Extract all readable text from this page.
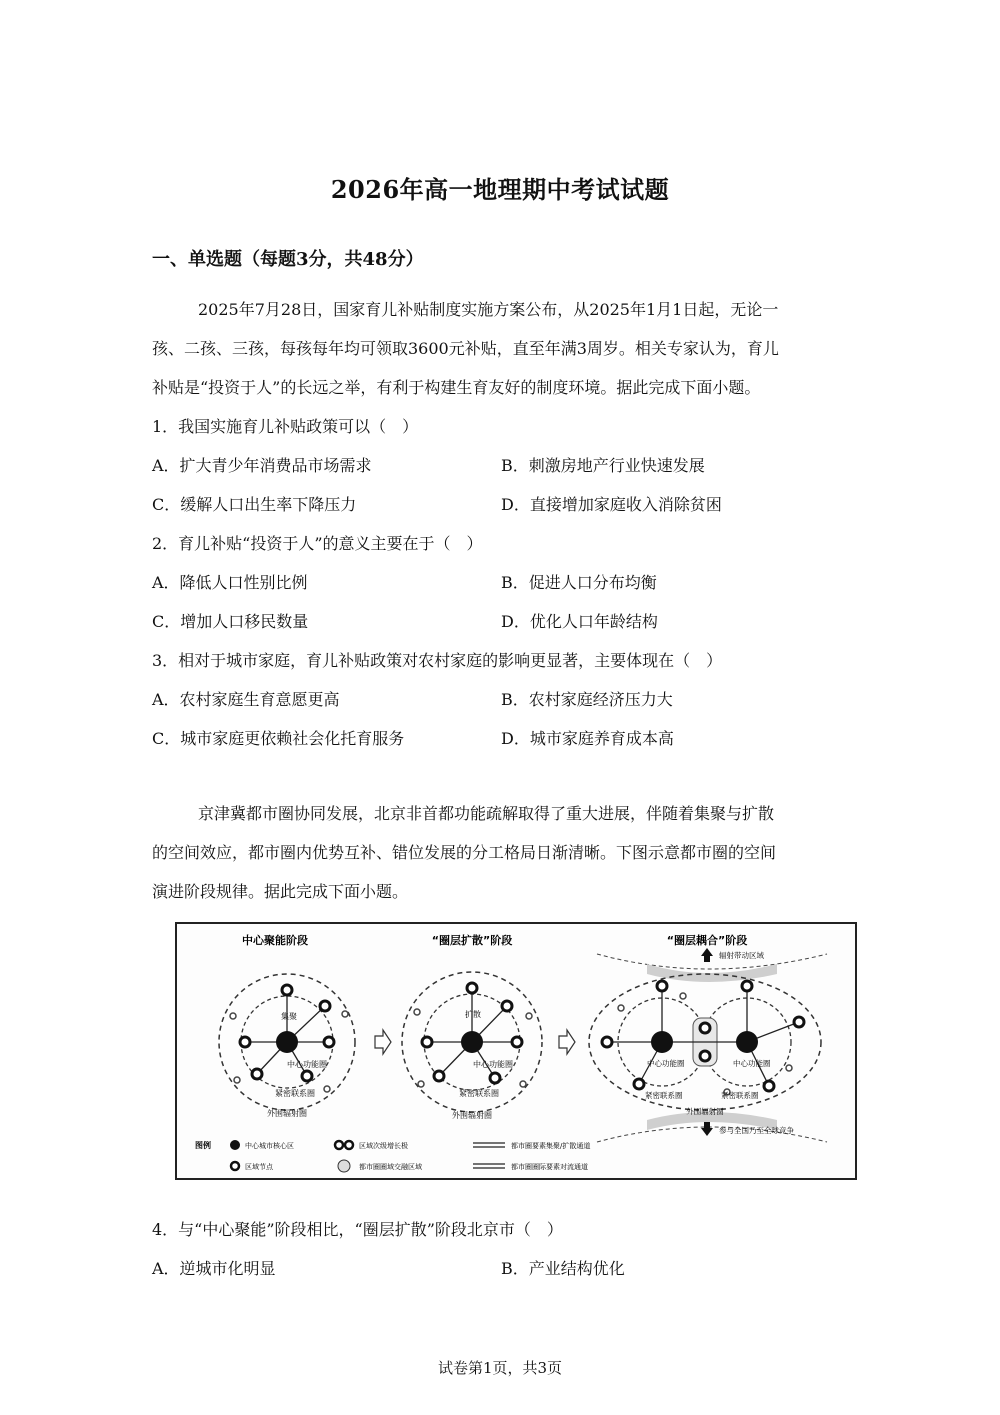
2026年高一地理期中考试试题
一、单选题（每题3分，共48分）
2025年7月28日，国家育儿补贴制度实施方案公布，从2025年1月1日起，无论一
孩、二孩、三孩，每孩每年均可领取3600元补贴，直至年满3周岁。相关专家认为，育儿
补贴是“投资于人”的长远之举，有利于构建生育友好的制度环境。据此完成下面小题。
1．我国实施育儿补贴政策可以（　）
A．扩大青少年消费品市场需求	B．刺激房地产行业快速发展
C．缓解人口出生率下降压力	D．直接增加家庭收入消除贫困
2．育儿补贴“投资于人”的意义主要在于（　）
A．降低人口性别比例	B．促进人口分布均衡
C．增加人口移民数量	D．优化人口年龄结构
3．相对于城市家庭，育儿补贴政策对农村家庭的影响更显著，主要体现在（　）
A．农村家庭生育意愿更高	B．农村家庭经济压力大
C．城市家庭更依赖社会化托育服务	D．城市家庭养育成本高
京津冀都市圈协同发展，北京非首都功能疏解取得了重大进展，伴随着集聚与扩散
的空间效应，都市圈内优势互补、错位发展的分工格局日渐清晰。下图示意都市圈的空间
演进阶段规律。据此完成下面小题。
中心聚能阶段	“圈层扩散”阶段	“圈层耦合”阶段
集聚
中心功能圈
紧密联系圈
外围辐射圈
扩散
中心功能圈
紧密联系圈
外围辐射圈
辐射带动区域
参与全国乃至全球竞争
中心功能圈	中心功能圈
紧密联系圈	紧密联系圈
外围辐射圈
图例	中心城市核心区	区域次级增长极	都市圈要素集聚/扩散通道
区域节点	都市圈圈域交融区域	都市圈圈际要素对流通道
4．与“中心聚能”阶段相比，“圈层扩散”阶段北京市（　）
A．逆城市化明显	B．产业结构优化
试卷第1页，共3页
